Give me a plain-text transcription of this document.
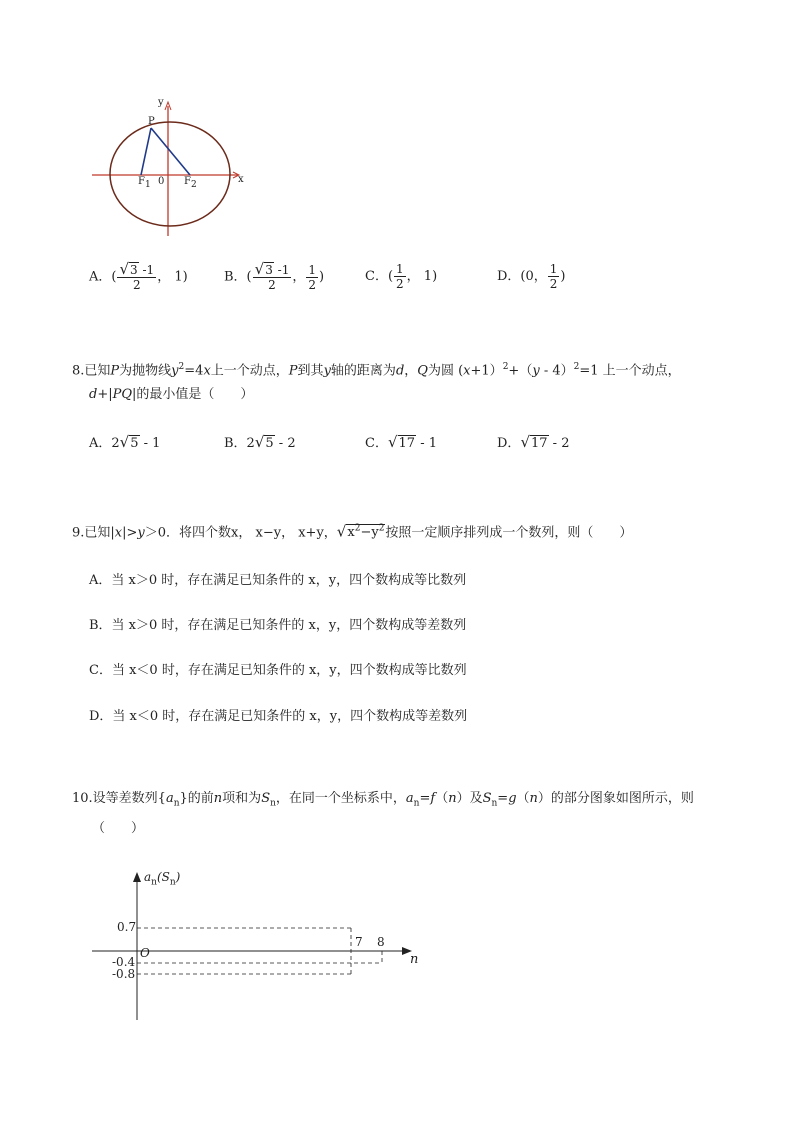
y
P
$F_1$ 0 $F_2$	x
A．( $\frac{√3 -1}{2}$ ， 1)	B．( $\frac{√3 -1}{2}$ ， $\frac{1}{2}$ )	C．( $\frac{1}{2}$ ， 1)	D．(0， $\frac{1}{2}$ )
8.已知P为抛物线$y^2=4x$上一个动点，P到其y轴的距离为d，Q为圆 (x+1）$^2$+（y - 4）$^2$=1 上一个动点，
d+|PQ|的最小值是（　　）
A．2√5 - 1	B．2√5 - 2	C．√17 - 1	D．√17 - 2
9.已知|x|>y＞0．将四个数x， x−y， x+y，$√x^2-y^2$按照一定顺序排列成一个数列，则（　　）
A．当 x＞0 时，存在满足已知条件的 x，y，四个数构成等比数列
B．当 x＞0 时，存在满足已知条件的 x，y，四个数构成等差数列
C．当 x＜0 时，存在满足已知条件的 x，y，四个数构成等比数列
D．当 x＜0 时，存在满足已知条件的 x，y，四个数构成等差数列
10.设等差数列$\{a_n\}$的前n项和为$S_n$，在同一个坐标系中，$a_n=f(n)$及$S_n=g(n)$的部分图象如图所示，则
（　　）
$a_n(S_n)$
0.7
O
-0.4
-0.8
7 8
n
